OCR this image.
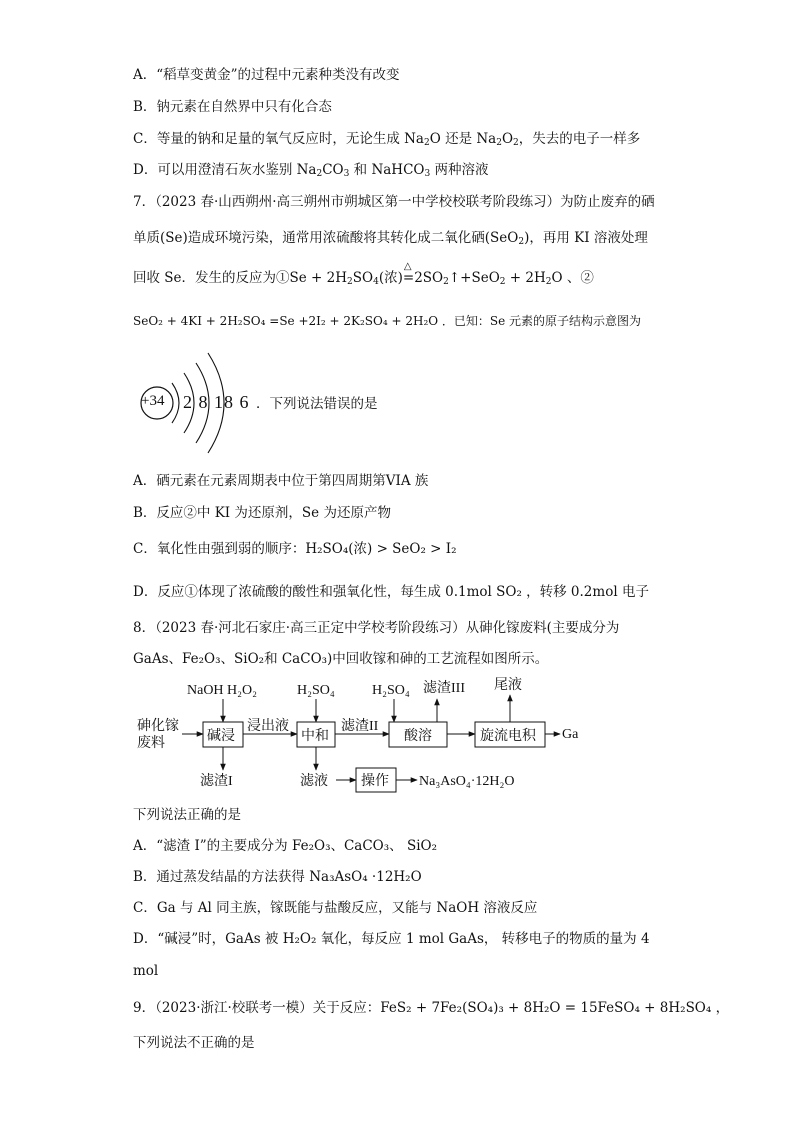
A．“稻草变黄金”的过程中元素种类没有改变
B．钠元素在自然界中只有化合态
C．等量的钠和足量的氧气反应时，无论生成 $Na_2O$ 还是 $Na_2O_2$，失去的电子一样多
D．可以用澄清石灰水鉴别 $Na_2CO_3$ 和 NaHCO$_3$ 两种溶液
7．（2023 春·山西朔州·高三朔州市朔城区第一中学校校联考阶段练习）为防止废弃的硒
单质(Se)造成环境污染，通常用浓硫酸将其转化成二氧化硒(SeO$_2$)，再用 KI 溶液处理
回收 Se．发生的反应为①Se + $2H_2SO_4$(浓)
△
$=2SO_2↑+SeO_2 + 2H_2O$ 、②
SeO₂ + 4KI + 2H₂SO₄ =Se +2I₂ + 2K₂SO₄ + 2H₂O ．已知：Se 元素的原子结构示意图为
+34 2 8 18 6 ．下列说法错误的是
A．硒元素在元素周期表中位于第四周期第VIA 族
B．反应②中 KI 为还原剂，Se 为还原产物
C．氧化性由强到弱的顺序：H₂SO₄(浓) > SeO₂ > I₂
D．反应①体现了浓硫酸的酸性和强氧化性，每生成 0.1mol SO₂ ，转移 0.2mol 电子
8．（2023 春·河北石家庄·高三正定中学校考阶段练习）从砷化镓废料(主要成分为
GaAs、Fe₂O₃、SiO₂和 CaCO₃)中回收镓和砷的工艺流程如图所示。
砷化镓
废料
NaOH H₂O₂
碱浸
浸出液
H₂SO₄
中和
滤渣II
H₂SO₄
酸溶
滤渣III 尾液
旋流电积 Ga
滤渣I	滤液 操作 Na₃AsO₄·12H₂O
下列说法正确的是
A．“滤渣 I”的主要成分为 Fe₂O₃、CaCO₃、 SiO₂
B．通过蒸发结晶的方法获得 Na₃AsO₄ ·12H₂O
C．Ga 与 Al 同主族，镓既能与盐酸反应，又能与 NaOH 溶液反应
D．“碱浸”时，GaAs 被 H₂O₂ 氧化，每反应 1 mol GaAs， 转移电子的物质的量为 4
mol
9．（2023·浙江·校联考一模）关于反应：FeS₂ + 7Fe₂(SO₄)₃ + 8H₂O = 15FeSO₄ + 8H₂SO₄ ，
下列说法不正确的是
